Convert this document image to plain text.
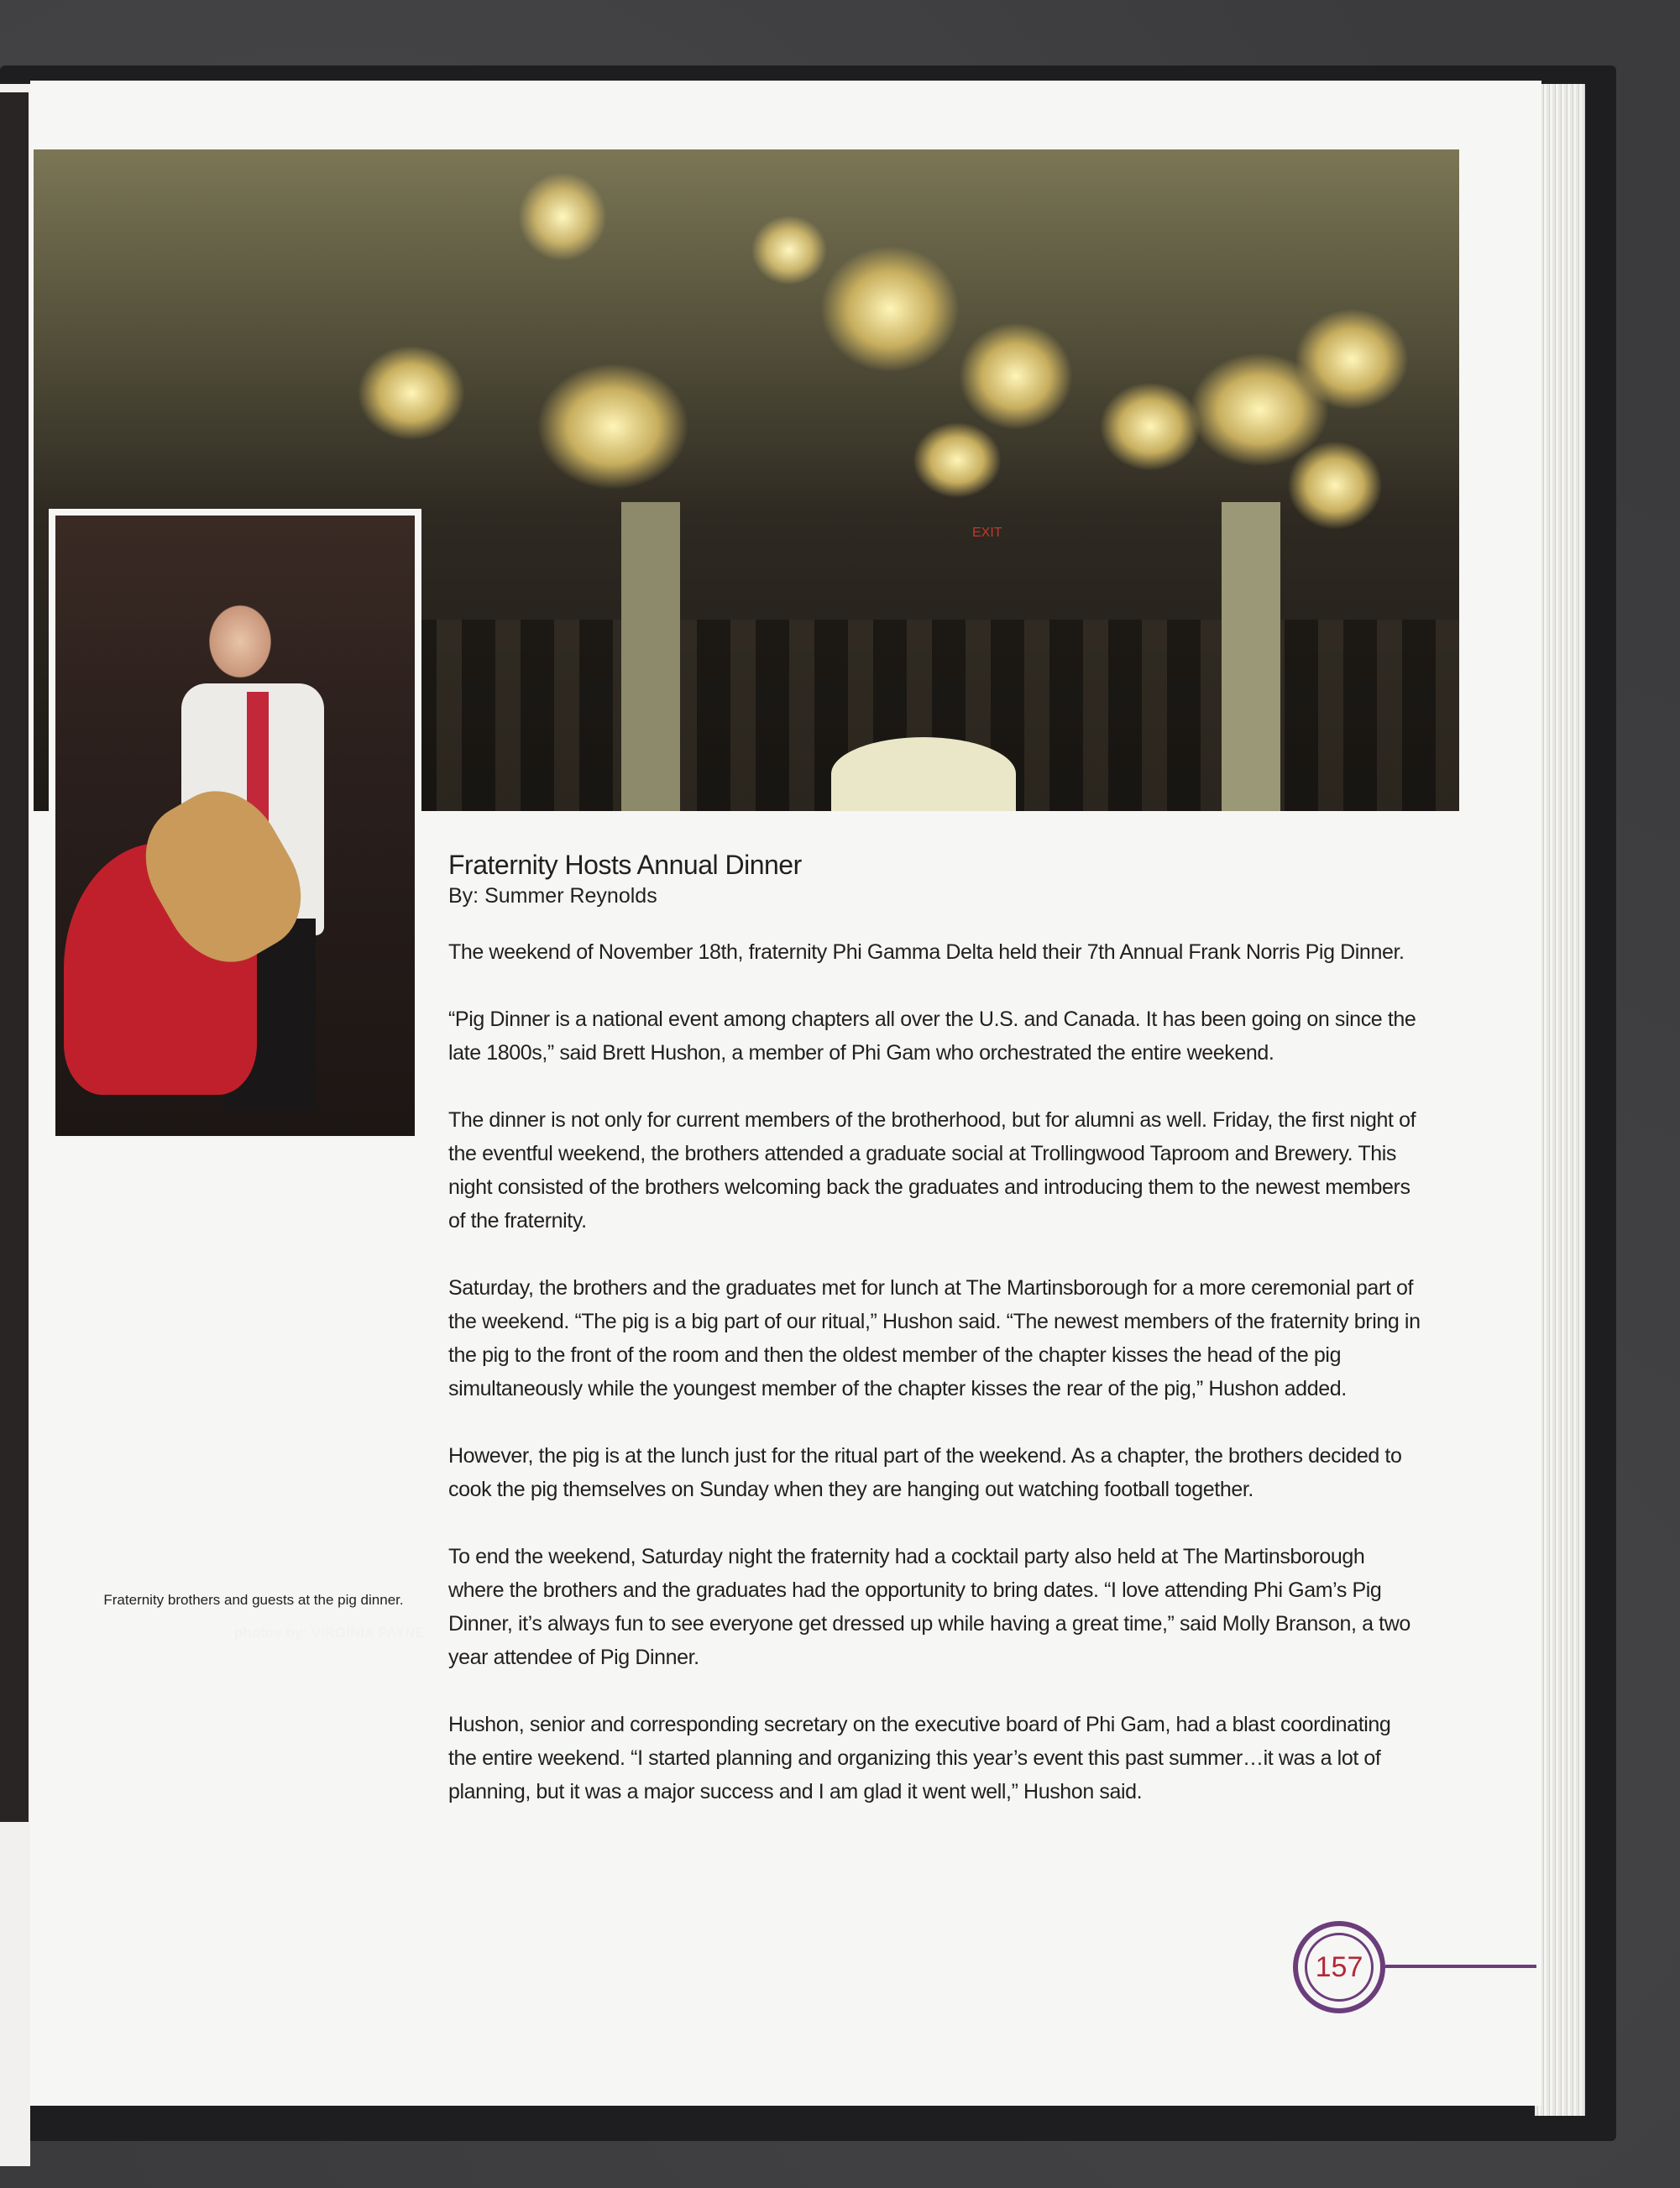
EXIT
Fraternity brothers and guests at the pig dinner.
photos by: VIRGINIA PAYNE
Fraternity Hosts Annual Dinner

By: Summer Reynolds

The weekend of November 18th, fraternity Phi Gamma Delta held their 7th Annual Frank Norris Pig Dinner.

“Pig Dinner is a national event among chapters all over the U.S. and Canada. It has been going on since the late 1800s,” said Brett Hushon, a member of Phi Gam who orchestrated the entire weekend.

The dinner is not only for current members of the brotherhood, but for alumni as well. Friday, the first night of the eventful weekend, the brothers attended a graduate social at Trollingwood Taproom and Brewery. This night consisted of the brothers welcoming back the graduates and introducing them to the newest members of the fraternity.

Saturday, the brothers and the graduates met for lunch at The Martinsborough for a more ceremonial part of the weekend. “The pig is a big part of our ritual,” Hushon said. “The newest members of the fraternity bring in the pig to the front of the room and then the oldest member of the chapter kisses the head of the pig simultaneously while the youngest member of the chapter kisses the rear of the pig,” Hushon added.

However, the pig is at the lunch just for the ritual part of the weekend. As a chapter, the brothers decided to cook the pig themselves on Sunday when they are hanging out watching football together.

To end the weekend, Saturday night the fraternity had a cocktail party also held at The Martinsborough where the brothers and the graduates had the opportunity to bring dates. “I love attending Phi Gam’s Pig Dinner, it’s always fun to see everyone get dressed up while having a great time,” said Molly Branson, a two year attendee of Pig Dinner.

Hushon, senior and corresponding secretary on the executive board of Phi Gam, had a blast coordinating the entire weekend. “I started planning and organizing this year’s event this past summer…it was a lot of planning, but it was a major success and I am glad it went well,” Hushon said.

157
